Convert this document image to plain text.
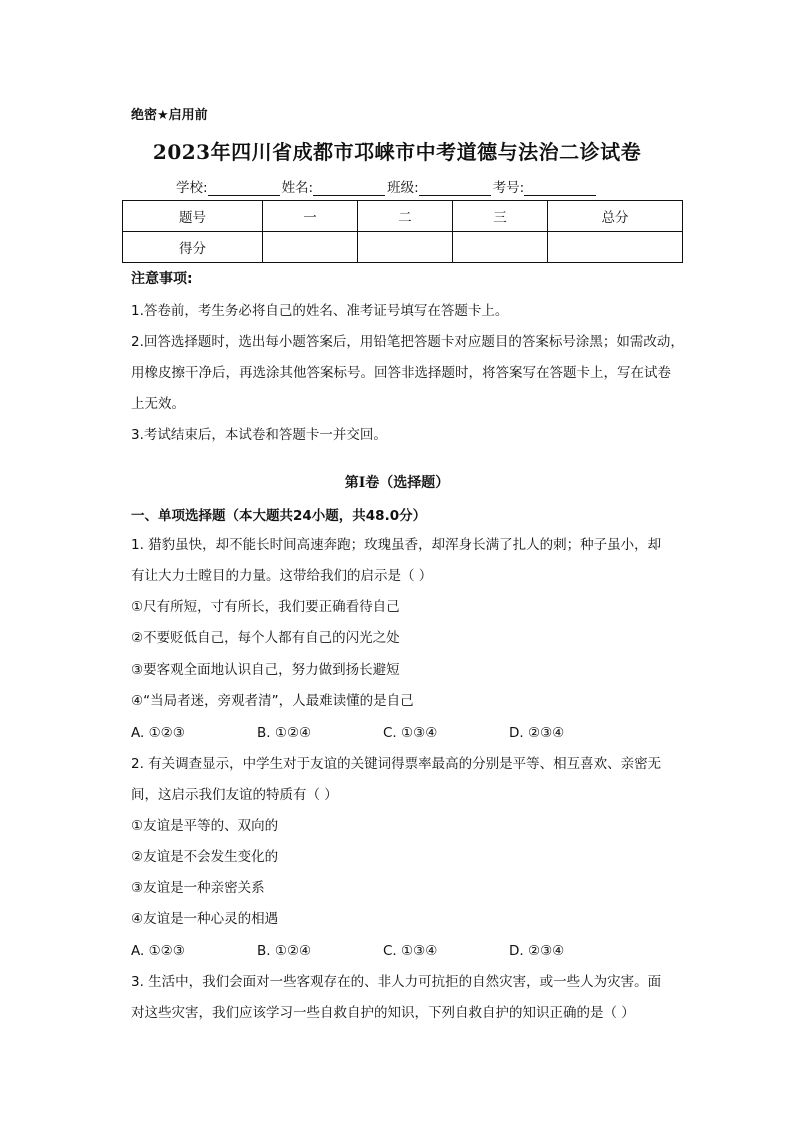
绝密★启用前
2023年四川省成都市邛崃市中考道德与法治二诊试卷
学校:	姓名:	班级:	考号:
题号	一	二	三	总分
得分				
注意事项:
1.答卷前，考生务必将自己的姓名、准考证号填写在答题卡上。
2.回答选择题时，选出每小题答案后，用铅笔把答题卡对应题目的答案标号涂黑；如需改动，
用橡皮擦干净后，再选涂其他答案标号。回答非选择题时，将答案写在答题卡上，写在试卷
上无效。
3.考试结束后，本试卷和答题卡一并交回。
第I卷（选择题）
一、单项选择题（本大题共24小题，共48.0分）
1. 猎豹虽快，却不能长时间高速奔跑；玫瑰虽香，却浑身长满了扎人的刺；种子虽小，却
有让大力士瞠目的力量。这带给我们的启示是（ ）
①尺有所短，寸有所长，我们要正确看待自己
②不要贬低自己，每个人都有自己的闪光之处
③要客观全面地认识自己，努力做到扬长避短
④“当局者迷，旁观者清”，人最难读懂的是自己
A. ①②③	B. ①②④	C. ①③④	D. ②③④
2. 有关调查显示，中学生对于友谊的关键词得票率最高的分别是平等、相互喜欢、亲密无
间，这启示我们友谊的特质有（ ）
①友谊是平等的、双向的
②友谊是不会发生变化的
③友谊是一种亲密关系
④友谊是一种心灵的相遇
A. ①②③	B. ①②④	C. ①③④	D. ②③④
3. 生活中，我们会面对一些客观存在的、非人力可抗拒的自然灾害，或一些人为灾害。面
对这些灾害，我们应该学习一些自救自护的知识，下列自救自护的知识正确的是（ ）
